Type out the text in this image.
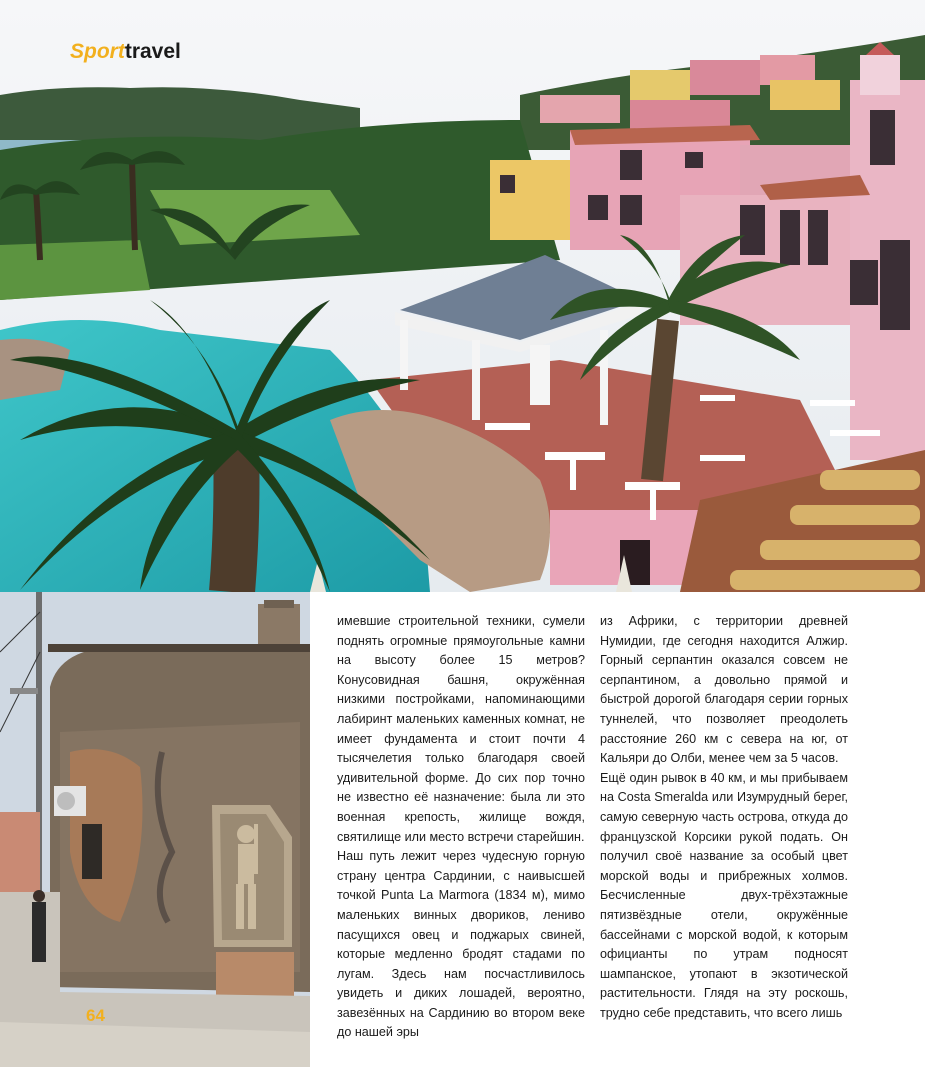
Sporttravel

имевшие строительной техники, сумели поднять огромные прямоугольные камни на высоту более 15 метров? Конусовидная башня, окружённая низкими постройками, напоминающими лабиринт маленьких каменных комнат, не имеет фундамента и стоит почти 4 тысячелетия только благодаря своей удивительной форме. До сих пор точно не известно её назначение: была ли это военная крепость, жилище вождя, святилище или место встречи старейшин.

Наш путь лежит через чудесную горную страну центра Сардинии, с наивысшей точкой Punta La Marmora (1834 м), мимо маленьких винных двориков, лениво пасущихся овец и поджарых свиней, которые медленно бродят стадами по лугам. Здесь нам посчастливилось увидеть и диких лошадей, вероятно, завезённых на Сардинию во втором веке до нашей эры

из Африки, с территории древней Нумидии, где сегодня находится Алжир. Горный серпантин оказался совсем не серпантином, а довольно прямой и быстрой дорогой благодаря серии горных туннелей, что позволяет преодолеть расстояние 260 км с севера на юг, от Кальяри до Олби, менее чем за 5 часов.

Ещё один рывок в 40 км, и мы прибываем на Costa Smeralda или Изумрудный берег, самую северную часть острова, откуда до французской Корсики рукой подать. Он получил своё название за особый цвет морской воды и прибрежных холмов. Бесчисленные двух-трёхэтажные пятизвёздные отели, окружённые бассейнами с морской водой, к которым официанты по утрам подносят шампанское, утопают в экзотической растительности. Глядя на эту роскошь, трудно себе представить, что всего лишь

64
